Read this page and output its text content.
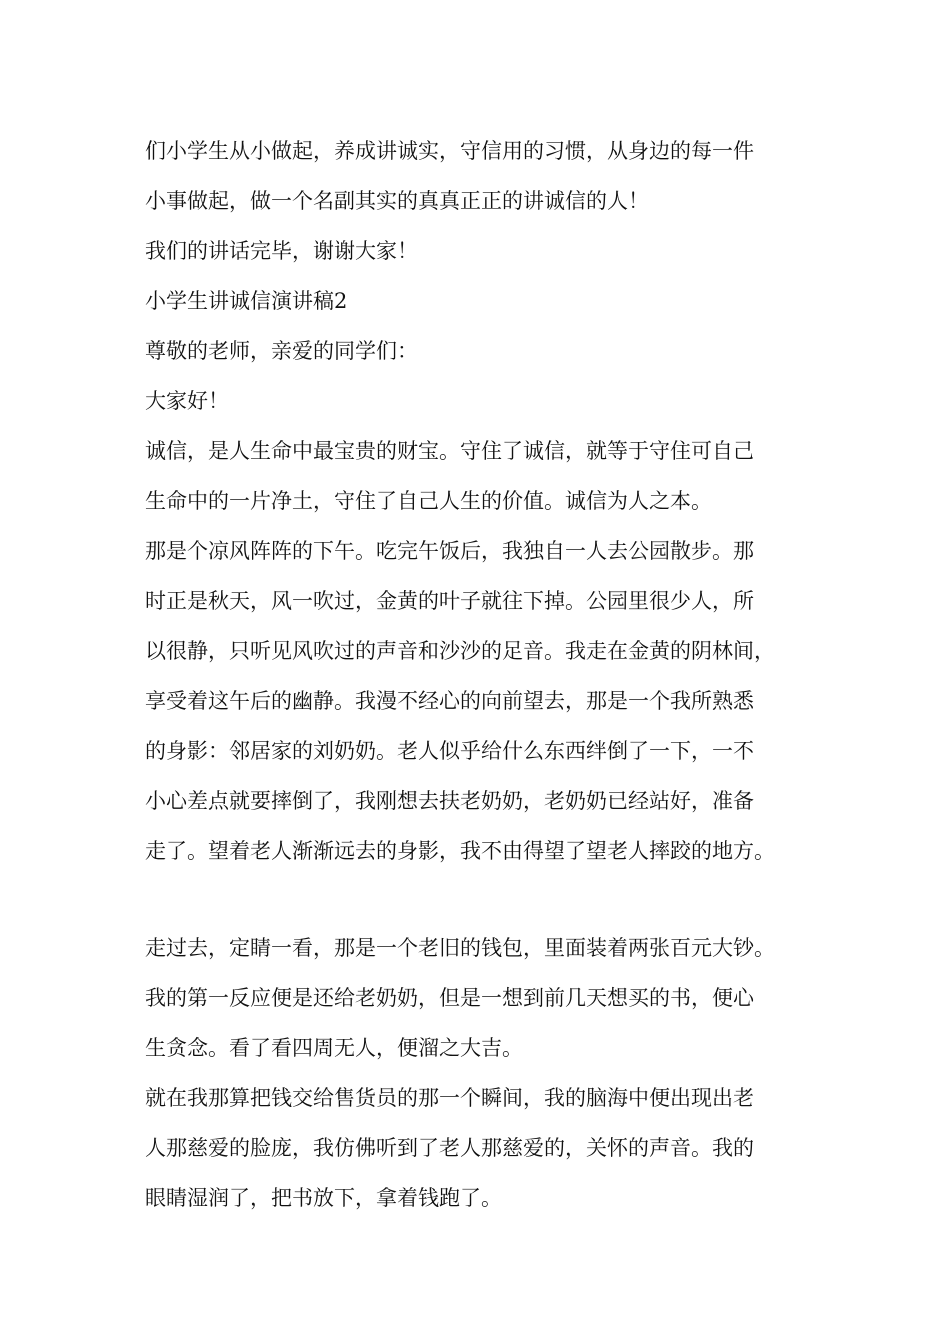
们小学生从小做起，养成讲诚实，守信用的习惯，从身边的每一件
小事做起，做一个名副其实的真真正正的讲诚信的人！
我们的讲话完毕，谢谢大家！
小学生讲诚信演讲稿2
尊敬的老师，亲爱的同学们：
大家好！
诚信，是人生命中最宝贵的财宝。守住了诚信，就等于守住可自己
生命中的一片净土，守住了自己人生的价值。诚信为人之本。
那是个凉风阵阵的下午。吃完午饭后，我独自一人去公园散步。那
时正是秋天，风一吹过，金黄的叶子就往下掉。公园里很少人，所
以很静，只听见风吹过的声音和沙沙的足音。我走在金黄的阴林间，
享受着这午后的幽静。我漫不经心的向前望去，那是一个我所熟悉
的身影：邻居家的刘奶奶。老人似乎给什么东西绊倒了一下，一不
小心差点就要摔倒了，我刚想去扶老奶奶，老奶奶已经站好，准备
走了。望着老人渐渐远去的身影，我不由得望了望老人摔跤的地方。
走过去，定睛一看，那是一个老旧的钱包，里面装着两张百元大钞。
我的第一反应便是还给老奶奶，但是一想到前几天想买的书，便心
生贪念。看了看四周无人，便溜之大吉。
就在我那算把钱交给售货员的那一个瞬间，我的脑海中便出现出老
人那慈爱的脸庞，我仿佛听到了老人那慈爱的，关怀的声音。我的
眼睛湿润了，把书放下，拿着钱跑了。
